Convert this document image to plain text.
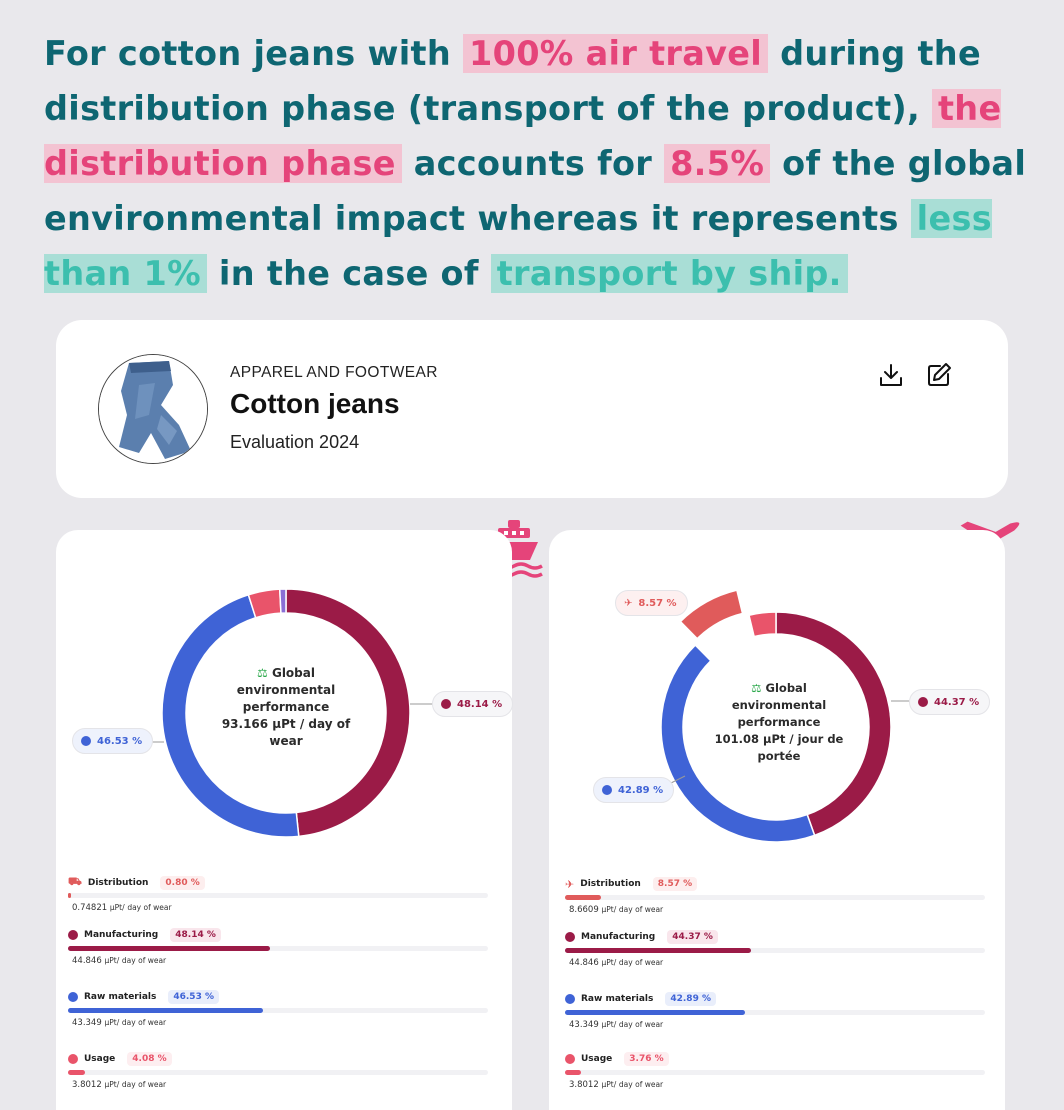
For cotton jeans with 100% air travel during the distribution phase (transport of the product), the distribution phase accounts for 8.5% of the global environmental impact whereas it represents less than 1% in the case of transport by ship.
APPAREL AND FOOTWEAR
Cotton jeans
Evaluation 2024
⚖ Global
environmental
performance
93.166 µPt / day of
wear
48.14 %
46.53 %
⛟ Distribution	0.80 %
0.74821 µPt/ day of wear
Manufacturing	48.14 %
44.846 µPt/ day of wear
Raw materials	46.53 %
43.349 µPt/ day of wear
Usage	4.08 %
3.8012 µPt/ day of wear
⚖ Global
environmental
performance
101.08 µPt / jour de
portée
44.37 %
42.89 %
✈ 8.57 %
✈ Distribution	8.57 %
8.6609 µPt/ day of wear
Manufacturing	44.37 %
44.846 µPt/ day of wear
Raw materials	42.89 %
43.349 µPt/ day of wear
Usage	3.76 %
3.8012 µPt/ day of wear
